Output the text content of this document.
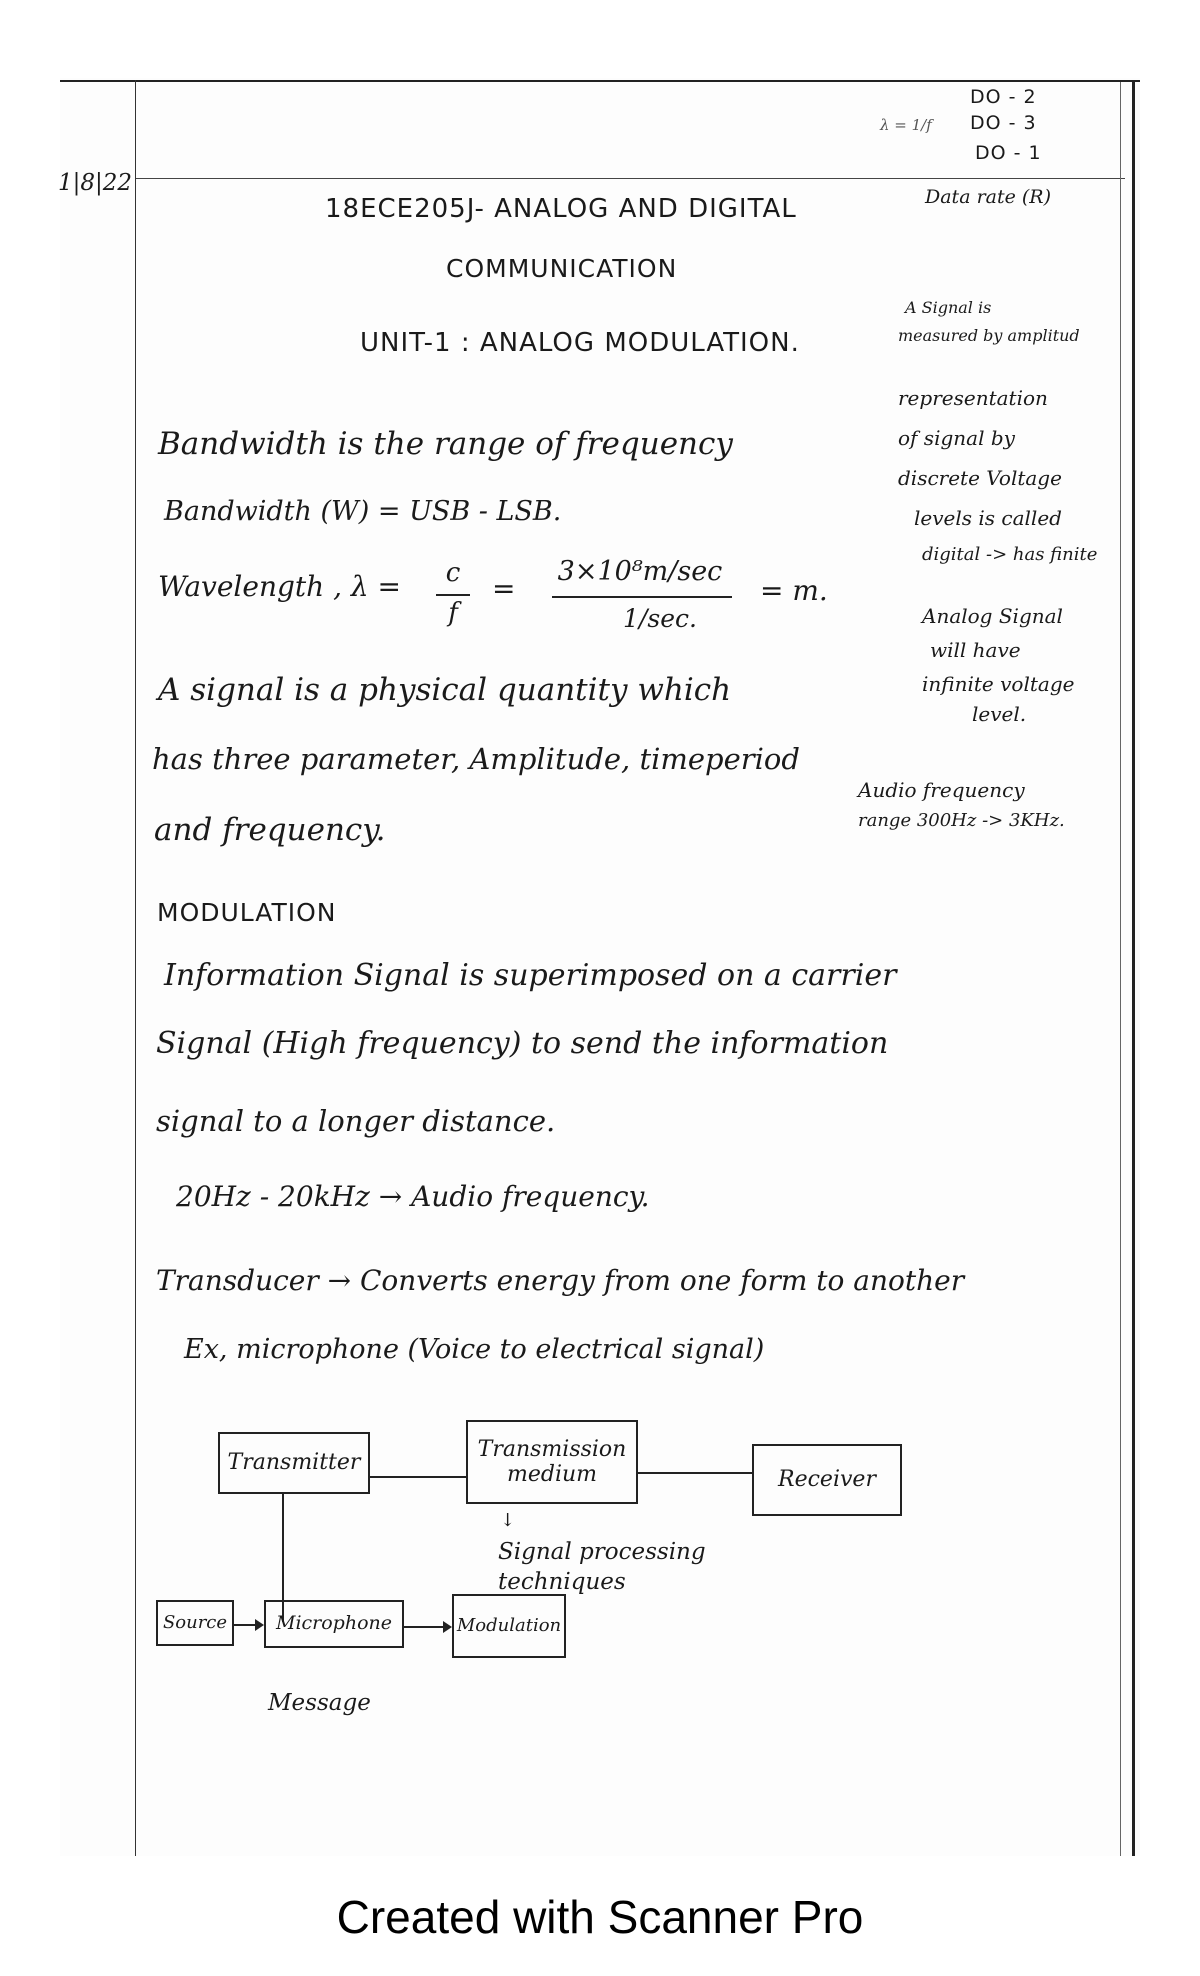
1|8|22
DO - 2
DO - 3
DO - 1
λ = 1/f
Data rate (R)
18ECE205J- ANALOG AND DIGITAL
COMMUNICATION
UNIT-1 : ANALOG MODULATION.
A Signal is
measured by amplitud
representation
of signal by
discrete Voltage
levels is called
digital -> has finite
Analog Signal
will have
infinite voltage
level.
Audio frequency
range 300Hz -> 3KHz.
Bandwidth is the range of frequency
Bandwidth (W) = USB - LSB.
Wavelength , λ =	c
f
=
3×10⁸m/sec
1/sec.
= m.
A signal is a physical quantity which
has three parameter, Amplitude, timeperiod
and frequency.
MODULATION
Information Signal is superimposed on a carrier
Signal (High frequency) to send the information
signal to a longer distance.
20Hz - 20kHz → Audio frequency.
Transducer → Converts energy from one form to another
Ex, microphone (Voice to electrical signal)
Transmitter
Transmission medium	Receiver
↓
Signal processing techniques
Source	Microphone	Modulation
Message
Created with Scanner Pro
